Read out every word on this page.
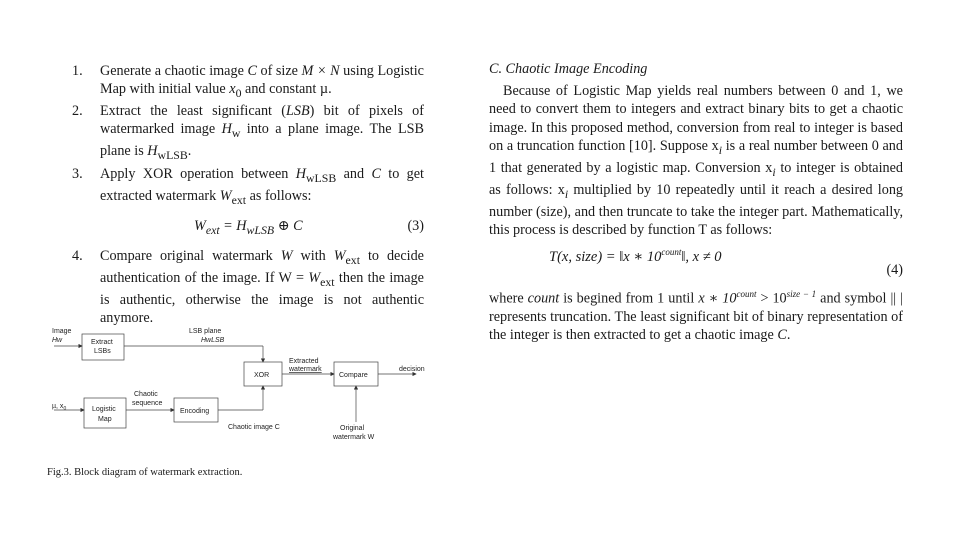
1. Generate a chaotic image C of size M × N using Logistic Map with initial value $x_0$ and constant µ.
2. Extract the least significant (LSB) bit of pixels of watermarked image $H_w$ into a plane image. The LSB plane is $H_{wLSB}$.
3. Apply XOR operation between $H_{wLSB}$ and C to get extracted watermark $W_{ext}$ as follows:
$W_{ext} = H_{wLSB}$ ⊕ C	(3)
4. Compare original watermark W with $W_{ext}$ to decide authentication of the image. If $W = W_{ext}$ then the image is authentic, otherwise the image is not authentic anymore.
Image
Hw	Extract
LSBs
LSB plane
HwLSB
XOR
Extracted
watermark
Compare
decision
µ, $x_0$	Logistic
Map
Chaotic
sequence
Encoding
Chaotic image C	Original
watermark W
Fig.3. Block diagram of watermark extraction.
C. Chaotic Image Encoding

Because of Logistic Map yields real numbers between 0 and 1, we need to convert them to integers and extract binary bits to get a chaotic image. In this proposed method, conversion from real to integer is based on a truncation function [10]. Suppose $x_i$ is a real number between 0 and 1 that generated by a logistic map. Conversion $x_i$ to integer is obtained as follows: $x_i$ multiplied by 10 repeatedly until it reach a desired long number (size), and then truncate to take the integer part. Mathematically, this process is described by function T as follows:

T(x, size) = ‖x ∗ $10^{count}‖$, x ≠ 0
(4)

where count is begined from 1 until x ∗ $10^{count} > 10^{size - 1}$ and symbol || | represents truncation. The least significant bit of binary representation of the integer is then extracted to get a chaotic image C.
